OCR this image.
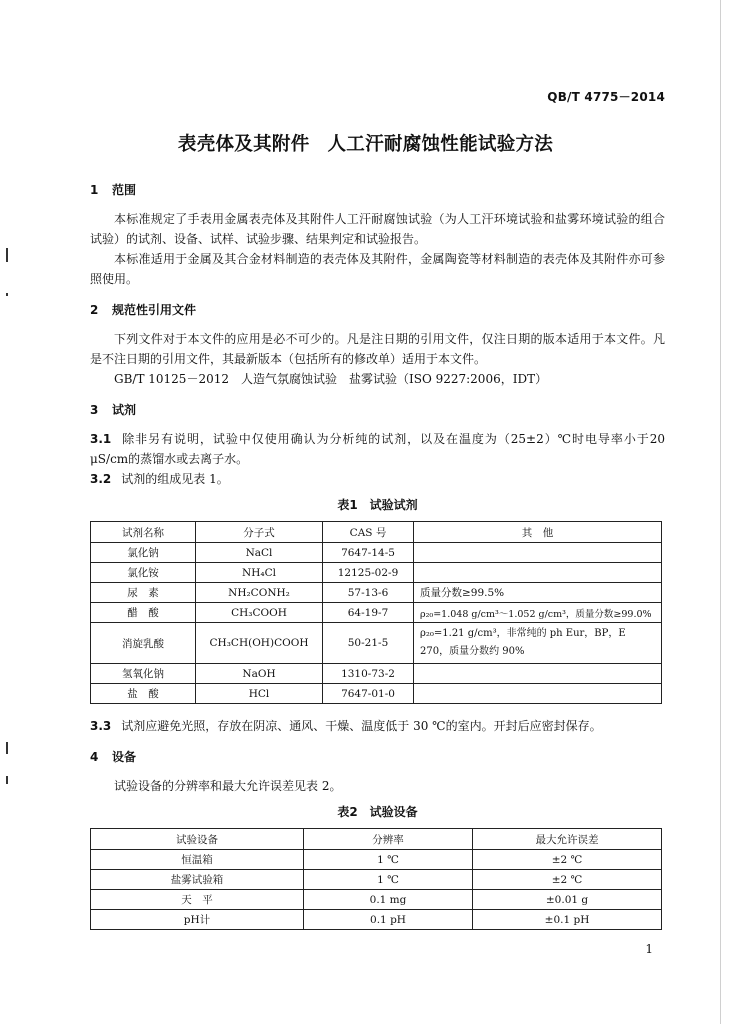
QB/T 4775－2014
表壳体及其附件 人工汗耐腐蚀性能试验方法

1 范围

本标准规定了手表用金属表壳体及其附件人工汗耐腐蚀试验（为人工汗环境试验和盐雾环境试验的组合试验）的试剂、设备、试样、试验步骤、结果判定和试验报告。

本标准适用于金属及其合金材料制造的表壳体及其附件，金属陶瓷等材料制造的表壳体及其附件亦可参照使用。

2 规范性引用文件

下列文件对于本文件的应用是必不可少的。凡是注日期的引用文件，仅注日期的版本适用于本文件。凡是不注日期的引用文件，其最新版本（包括所有的修改单）适用于本文件。

GB/T 10125－2012　人造气氛腐蚀试验　盐雾试验（ISO 9227:2006，IDT）

3 试剂

3.1 除非另有说明，试验中仅使用确认为分析纯的试剂，以及在温度为（25±2）℃时电导率小于20 μS/cm的蒸馏水或去离子水。

3.2 试剂的组成见表 1。

表1　试验试剂
试剂名称	分子式	CAS 号	其　他
氯化钠	NaCl	7647-14-5	
氯化铵	NH₄Cl	12125-02-9	
尿　素	NH₂CONH₂	57-13-6	质量分数≥99.5%
醋　酸	CH₃COOH	64-19-7	ρ₂₀=1.048 g/cm³～1.052 g/cm³，质量分数≥99.0%
消旋乳酸	CH₃CH(OH)COOH	50-21-5	ρ₂₀=1.21 g/cm³，非常纯的 ph Eur，BP，E 270，质量分数约 90%
氢氧化钠	NaOH	1310-73-2	
盐　酸	HCl	7647-01-0	

3.3 试剂应避免光照，存放在阴凉、通风、干燥、温度低于 30 ℃的室内。开封后应密封保存。

4 设备

试验设备的分辨率和最大允许误差见表 2。

表2　试验设备
试验设备	分辨率	最大允许误差
恒温箱	1 ℃	±2 ℃
盐雾试验箱	1 ℃	±2 ℃
天　平	0.1 mg	±0.01 g
pH计	0.1 pH	±0.1 pH
1
